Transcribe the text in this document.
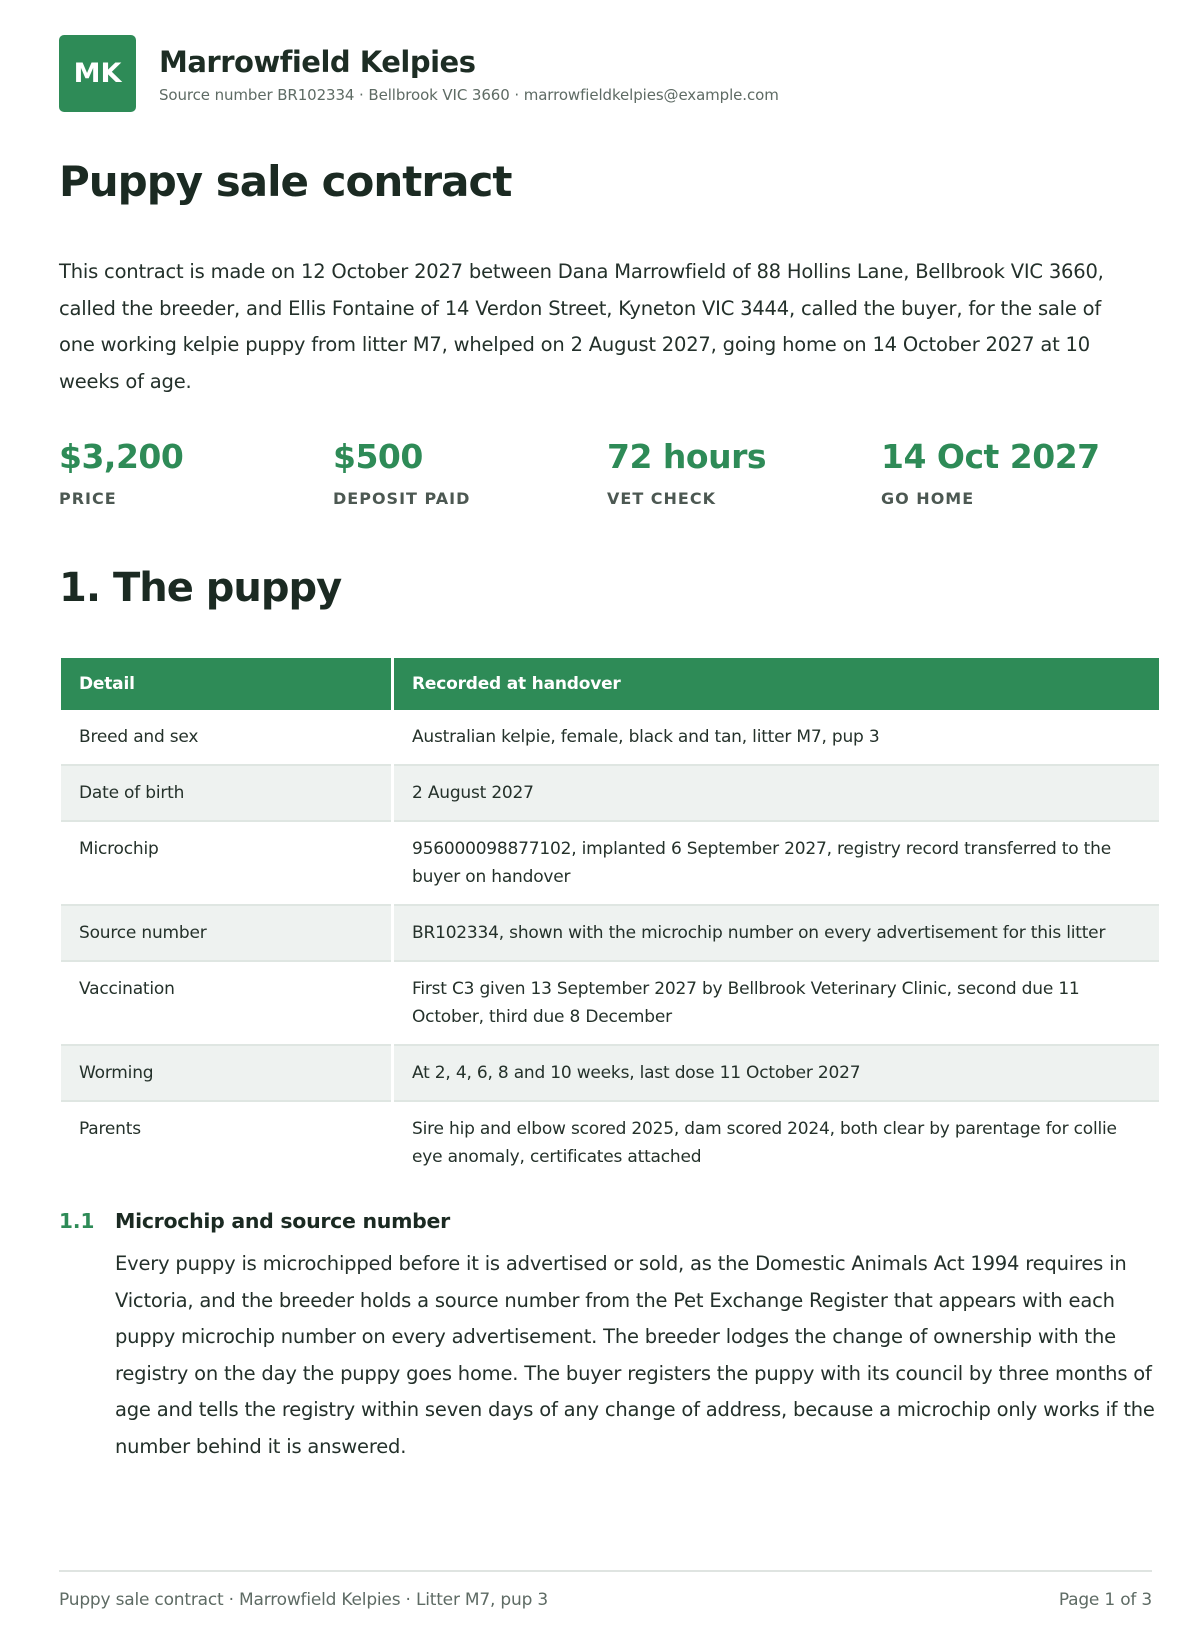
MK	Marrowfield Kelpies
Source number BR102334 · Bellbrook VIC 3660 · marrowfieldkelpies@example.com
Puppy sale contract

This contract is made on 12 October 2027 between Dana Marrowfield of 88 Hollins Lane, Bellbrook VIC 3660, called the breeder, and Ellis Fontaine of 14 Verdon Street, Kyneton VIC 3444, called the buyer, for the sale of one working kelpie puppy from litter M7, whelped on 2 August 2027, going home on 14 October 2027 at 10 weeks of age.

$3,200
PRICE
$500
DEPOSIT PAID
72 hours
VET CHECK
14 Oct 2027
GO HOME
1. The puppy
Detail	Recorded at handover
Breed and sex	Australian kelpie, female, black and tan, litter M7, pup 3
Date of birth	2 August 2027
Microchip	956000098877102, implanted 6 September 2027, registry record transferred to the buyer on handover
Source number	BR102334, shown with the microchip number on every advertisement for this litter
Vaccination	First C3 given 13 September 2027 by Bellbrook Veterinary Clinic, second due 11 October, third due 8 December
Worming	At 2, 4, 6, 8 and 10 weeks, last dose 11 October 2027
Parents	Sire hip and elbow scored 2025, dam scored 2024, both clear by parentage for collie eye anomaly, certificates attached
1.1	Microchip and source number
Every puppy is microchipped before it is advertised or sold, as the Domestic Animals Act 1994 requires in Victoria, and the breeder holds a source number from the Pet Exchange Register that appears with each puppy microchip number on every advertisement. The breeder lodges the change of ownership with the registry on the day the puppy goes home. The buyer registers the puppy with its council by three months of age and tells the registry within seven days of any change of address, because a microchip only works if the number behind it is answered.
Puppy sale contract · Marrowfield Kelpies · Litter M7, pup 3	Page 1 of 3
